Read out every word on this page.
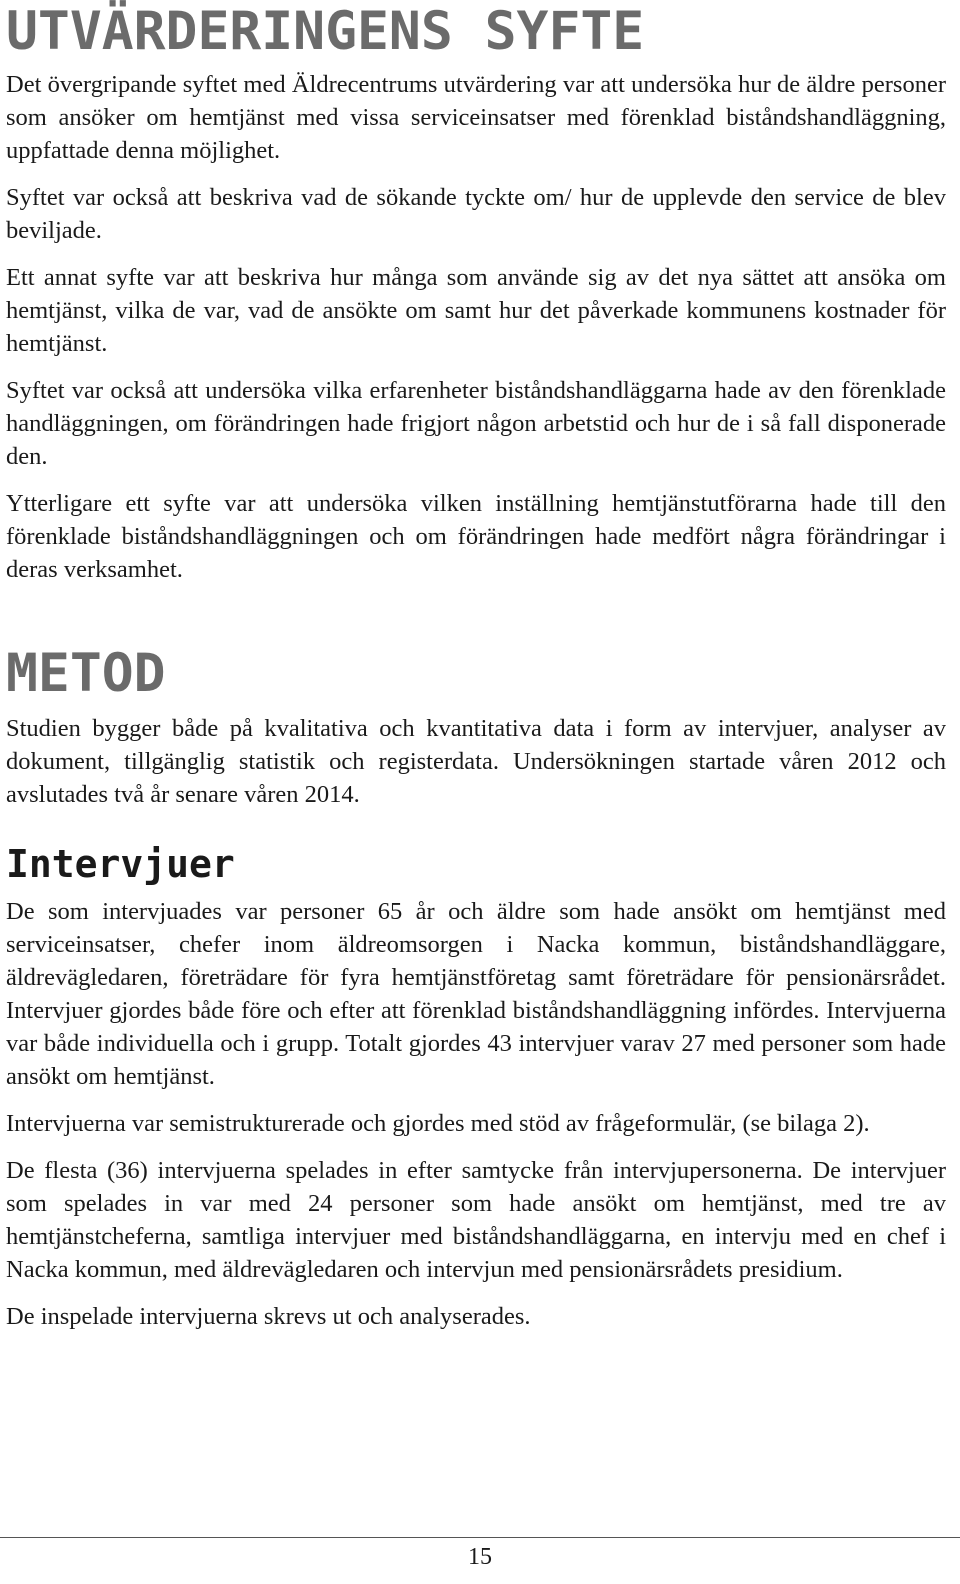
UTVÄRDERINGENS SYFTE

Det övergripande syftet med Äldrecentrums utvärdering var att undersöka hur de äldre personer som ansöker om hemtjänst med vissa serviceinsatser med förenklad biståndshandläggning, uppfattade denna möjlighet.

Syftet var också att beskriva vad de sökande tyckte om/ hur de upplevde den service de blev beviljade.

Ett annat syfte var att beskriva hur många som använde sig av det nya sättet att ansöka om hemtjänst, vilka de var, vad de ansökte om samt hur det påverkade kommunens kostnader för hemtjänst.

Syftet var också att undersöka vilka erfarenheter biståndshandläggarna hade av den förenklade handläggningen, om förändringen hade frigjort någon arbetstid och hur de i så fall disponerade den.

Ytterligare ett syfte var att undersöka vilken inställning hemtjänstutförarna hade till den förenklade biståndshandläggningen och om förändringen hade medfört några förändringar i deras verksamhet.

METOD

Studien bygger både på kvalitativa och kvantitativa data i form av intervjuer, analyser av dokument, tillgänglig statistik och registerdata. Undersökningen startade våren 2012 och avslutades två år senare våren 2014.

Intervjuer

De som intervjuades var personer 65 år och äldre som hade ansökt om hemtjänst med serviceinsatser, chefer inom äldreomsorgen i Nacka kommun, biståndshandläggare, äldrevägledaren, företrädare för fyra hemtjänstföretag samt företrädare för pensionärsrådet. Intervjuer gjordes både före och efter att förenklad biståndshandläggning infördes. Intervjuerna var både individuella och i grupp. Totalt gjordes 43 intervjuer varav 27 med personer som hade ansökt om hemtjänst.

Intervjuerna var semistrukturerade och gjordes med stöd av frågeformulär, (se bilaga 2).

De flesta (36) intervjuerna spelades in efter samtycke från intervjupersonerna. De intervjuer som spelades in var med 24 personer som hade ansökt om hemtjänst, med tre av hemtjänstcheferna, samtliga intervjuer med biståndshandläggarna, en intervju med en chef i Nacka kommun, med äldrevägledaren och intervjun med pensionärsrådets presidium.

De inspelade intervjuerna skrevs ut och analyserades.

15
